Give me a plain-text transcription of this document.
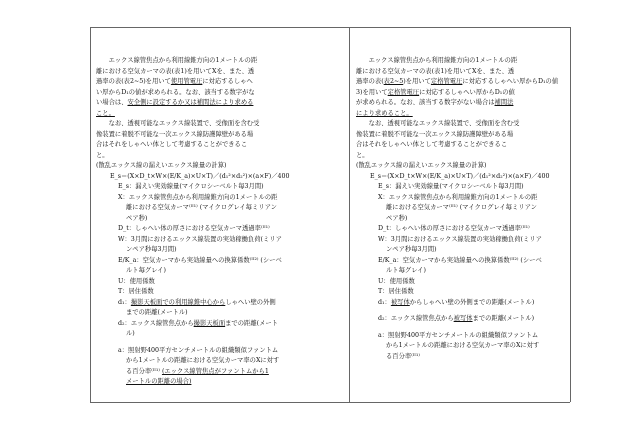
エックス線管焦点から利用線錐方向の1メートルの距
離における空気カーマの表(表1)を用いてXを、また、透
過率の表(表2~5)を用いて使用管電圧に対応するしゃへ
い厚からD₁の値が求められる。なお、該当する数字がな
い場合は、安全側に設定するか又は補間法により求める
こと。
なお、透視可能なエックス線装置で、受像面を含む受
像装置に着脱不可能な一次エックス線防護障壁がある場
合はそれをしゃへい体として考慮することができるこ
と。
(散乱エックス線の漏えいエックス線量の計算)
E_s＝(X×D_t×W×(E/K_a)×U×T)／(d₁²×d₂²)×(a×F)／400
E_s：漏えい実効線量(マイクロシーベルト毎3月間)
X：エックス線管焦点から利用線錐方向の1メートルの距
離における空気カーマ⁽ᴵᴵ¹⁾ (マイクログレイ毎ミリアン
ペア秒)
D_t：しゃへい体の厚さにおける空気カーマ透過率⁽ᴵᴵ¹⁾
W：3月間におけるエックス線装置の実効稼働負荷(ミリア
ンペア秒毎3月間)
E/K_a：空気カーマから実効線量への換算係数⁽ᴵᴵ²⁾ (シーベ
ルト毎グレイ)
U：使用係数
T：居住係数
d₁：撮影天板面での利用線錐中心からしゃへい壁の外側
までの距離(メートル)
d₂：エックス線管焦点から撮影天板面までの距離(メート
ル)
a：照射野400平方センチメートルの組織類似ファントム
から1メートルの距離における空気カーマ率のXに対す
る百分率⁽ᴵᴵ¹⁾ (エックス線管焦点がファントムから1
メートルの距離の場合)
エックス線管焦点から利用線錐方向の1メートルの距
離における空気カーマの表(表1)を用いてXを、また、透
過率の表(表2~5)を用いて定格管電圧に対応するしゃへい厚からD₁の値
3)を用いて定格管電圧に対応するしゃへい厚からD₁の値
が求められる。なお、該当する数字がない場合は補間法
により求めること。
なお、透視可能なエックス線装置で、受像面を含む受
像装置に着脱不可能な一次エックス線防護障壁がある場
合はそれをしゃへい体として考慮することができるこ
と。
(散乱エックス線の漏えいエックス線量の計算)
E_s＝(X×D_t×W×(E/K_a)×U×T)／(d₁²×d₂²)×(a×F)／400
E_s：漏えい実効線量(マイクロシーベルト毎3月間)
X：エックス線管焦点から利用線錐方向の1メートルの距
離における空気カーマ⁽ᴵᴵ¹⁾ (マイクログレイ毎ミリアン
ペア秒)
D_t：しゃへい体の厚さにおける空気カーマ透過率⁽ᴵᴵ¹⁾
W：3月間におけるエックス線装置の実効稼働負荷(ミリア
ンペア秒毎3月間)
E/K_a：空気カーマから実効線量への換算係数⁽ᴵᴵ²⁾ (シーベ
ルト毎グレイ)
U：使用係数
T：居住係数
d₁：被写体からしゃへい壁の外側までの距離(メートル)
d₂：エックス線管焦点から被写体までの距離(メートル)
a：照射野400平方センチメートルの組織類似ファントム
から1メートルの距離における空気カーマ率のXに対す
る百分率⁽ᴵᴵ¹⁾
